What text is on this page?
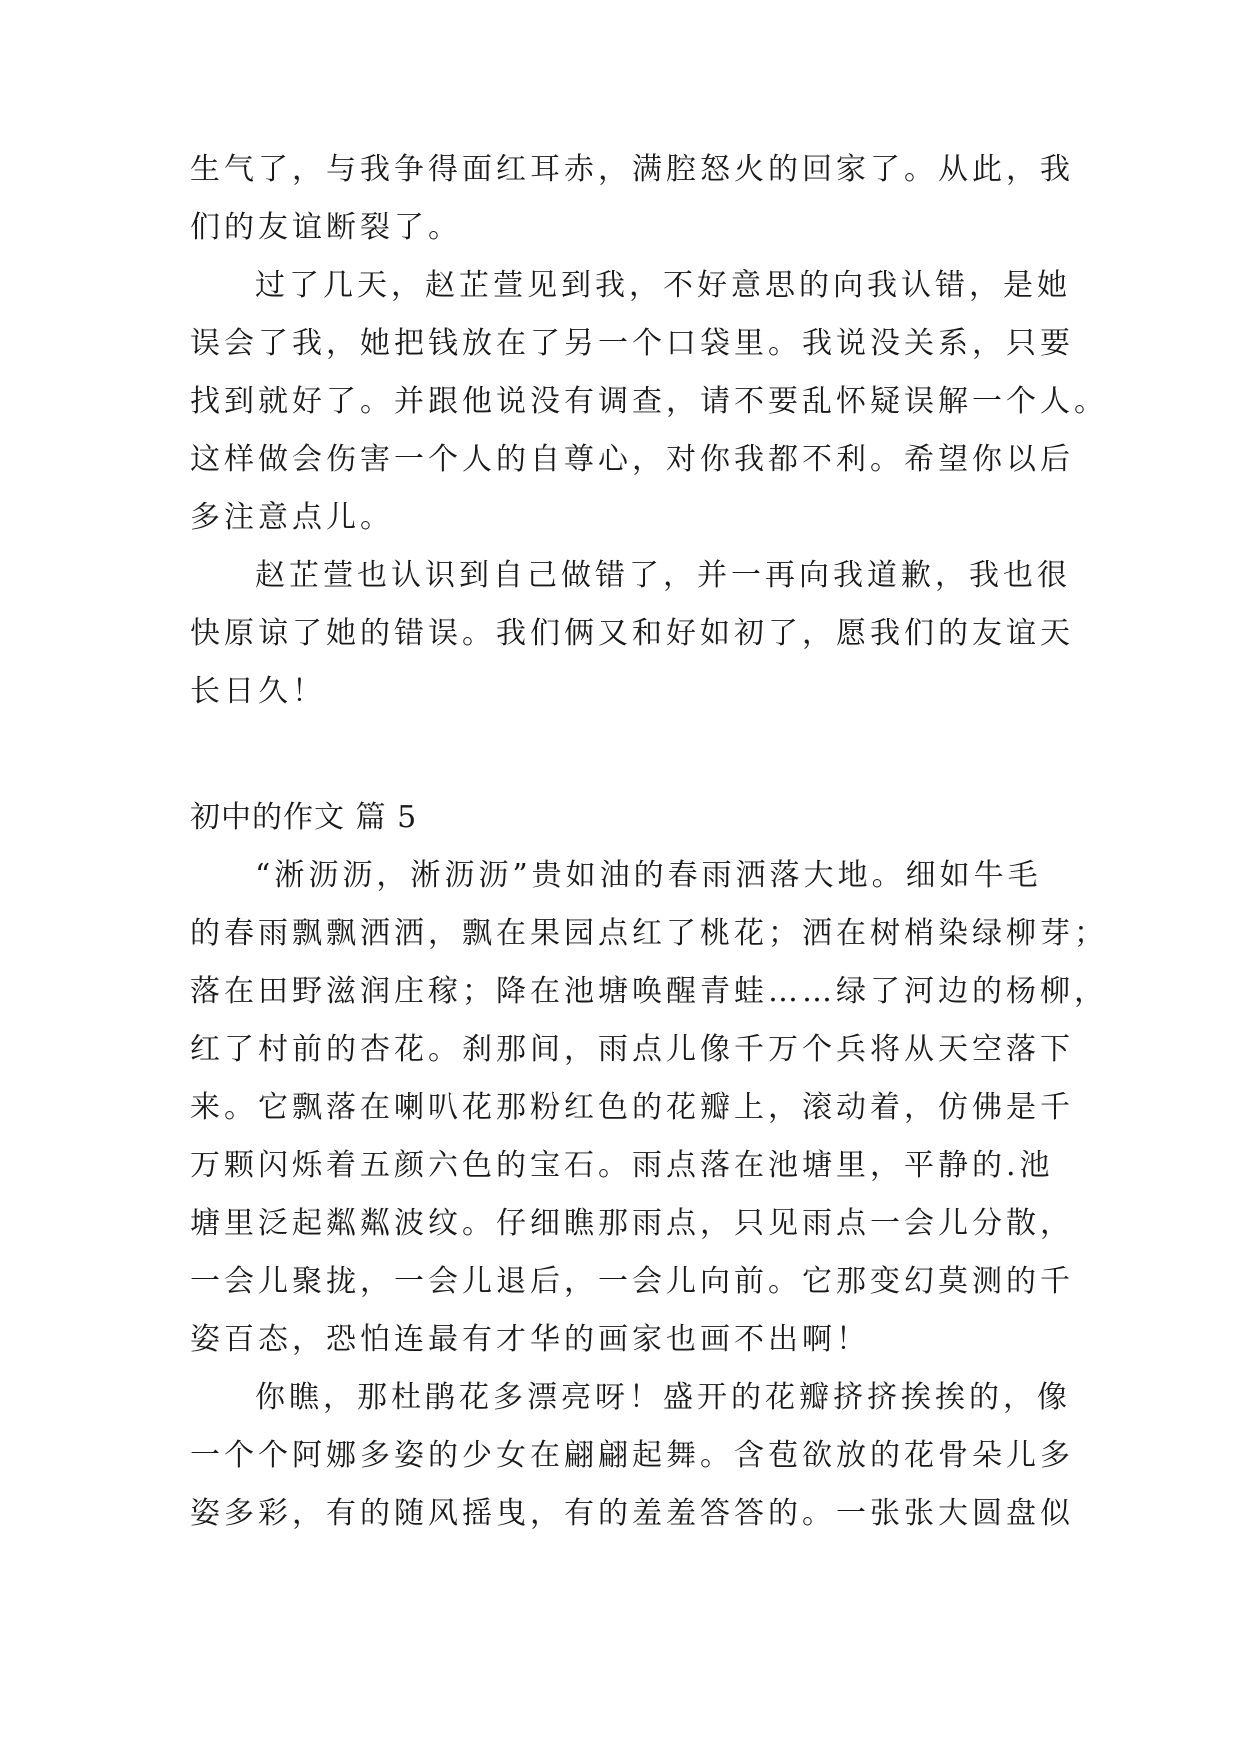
生气了，与我争得面红耳赤，满腔怒火的回家了。从此，我
们的友谊断裂了。
过了几天，赵芷萱见到我，不好意思的向我认错，是她
误会了我，她把钱放在了另一个口袋里。我说没关系，只要
找到就好了。并跟他说没有调查，请不要乱怀疑误解一个人。
这样做会伤害一个人的自尊心，对你我都不利。希望你以后
多注意点儿。
赵芷萱也认识到自己做错了，并一再向我道歉，我也很
快原谅了她的错误。我们俩又和好如初了，愿我们的友谊天
长日久！
初中的作文 篇 5
“淅沥沥，淅沥沥”贵如油的春雨洒落大地。细如牛毛
的春雨飘飘洒洒，飘在果园点红了桃花；洒在树梢染绿柳芽；
落在田野滋润庄稼；降在池塘唤醒青蛙……绿了河边的杨柳，
红了村前的杏花。刹那间，雨点儿像千万个兵将从天空落下
来。它飘落在喇叭花那粉红色的花瓣上，滚动着，仿佛是千
万颗闪烁着五颜六色的宝石。雨点落在池塘里，平静的.池
塘里泛起粼粼波纹。仔细瞧那雨点，只见雨点一会儿分散，
一会儿聚拢，一会儿退后，一会儿向前。它那变幻莫测的千
姿百态，恐怕连最有才华的画家也画不出啊！
你瞧，那杜鹃花多漂亮呀！盛开的花瓣挤挤挨挨的，像
一个个阿娜多姿的少女在翩翩起舞。含苞欲放的花骨朵儿多
姿多彩，有的随风摇曳，有的羞羞答答的。一张张大圆盘似
